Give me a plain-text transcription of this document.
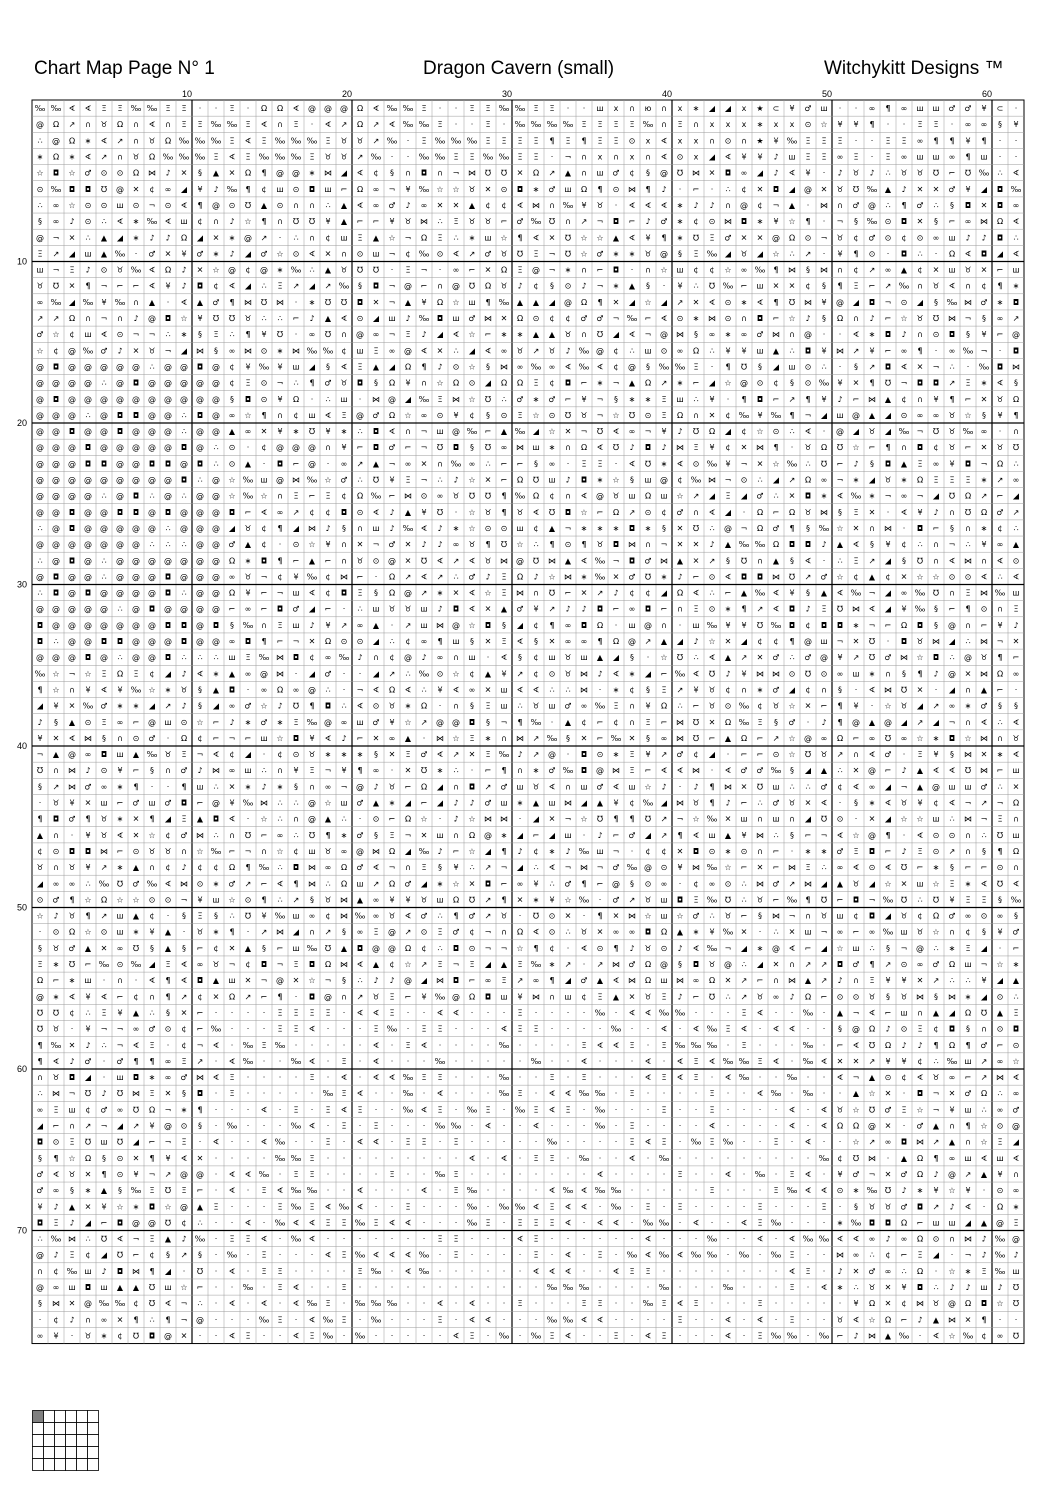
Chart Map Page N° 1	Dragon Cavern (small)	Witchykitt Designs ™
10	20	30	40	50	60
10
20
30
40
50
60
70
‰ ‰ ∢ ∢ Ξ Ξ ‰ ‰ Ξ Ξ · · Ξ · Ω Ω ∢ @ @ @ Ω ∢ ‰ ‰ Ξ · · Ξ Ξ ‰ ‰ Ξ Ξ · · ш х ∩ ю ∩ х ∗ ◢ ◢ х ★ ⊂ ¥ ♂ ш · · ∞ ¶ ∞ ш ш ♂ ♂ ¥ ⊂ ·
@ Ω ↗ ∩ ♉ Ω ∩ ∢ ∩ Ξ Ξ ‰ ‰ Ξ ∢ ∩ Ξ · ∢ ↗ Ω ↗ ∢ ‰ ‰ Ξ · · Ξ · ‰ ‰ ‰ ‰ Ξ Ξ Ξ Ξ ‰ ∩ Ξ ∩ х х х ∗ х х ⊙ ☆ ¥ ¥ ¶ · · Ξ Ξ · ∞ ∞ § ¥
∴ @ Ω ∗ ∢ ↗ ∩ ♉ Ω ‰ ‰ ‰ Ξ ∢ Ξ ‰ ‰ ‰ Ξ ♉ ♉ ↗ ‰ · Ξ ‰ ‰ ‰ Ξ Ξ Ξ Ξ ¶ Ξ ¶ Ξ Ξ ⊙ х ∢ х х ∩ ⊙ ∩ ★ ¥ ‰ Ξ Ξ Ξ · · Ξ Ξ ∞ ¶ ¶ ¥ ¶ · ·
∗ Ω ∗ ∢ ↗ ∩ ♉ Ω ‰ ‰ ‰ Ξ ∢ Ξ ‰ ‰ ‰ Ξ ♉ ♉ ↗ ‰ · · ‰ ‰ Ξ Ξ ‰ ‰ Ξ Ξ · ¬ ∩ х ∩ х ∩ ∢ ⊙ х ◢ ∢ ¥ ¥ ♪ ш Ξ Ξ ∞ Ξ · Ξ ∞ ш ш ∞ ¶ ш · ·
☆ ◘ ☆ ♂ ⊙ ⊙ Ω ⋈ ♪ ✕ § ▲ ✕ Ω ¶ @ @ ∗ ⋈ ◢ ∢ ¢ § ∩ ◘ ∩ ¬ ⋈ ℧ ℧ ✕ Ω ↗ ▲ ∩ ш ♂ ¢ § @ ℧ ⋈ ✕ ◘ ∞ ◢ ♪ ∢ ¥ · ♪ ♉ ♪ ∴ ♉ ♉ ℧ ⌐ ℧ ‰ ∴ ∢
⊙ ‰ ◘ ◘ ℧ @ ✕ ¢ ∞ ◢ ¥ ♪ ‰ ¶ ¢ ш ⊙ ◘ ш ⌐ Ω ∞ ¬ ¥ ‰ ☆ ☆ ♉ ✕ ⊙ ◘ ∗ ♂ ш Ω ¶ ⊙ ⋈ ¶ ♪ · ⌐ · ∴ ¢ ✕ ◘ ◢ @ ✕ ♉ ℧ ‰ ▲ ♪ ✕ ✕ ♂ ¥ ◢ ◘ ‰
∴ ∞ ☆ ⊙ ⊙ ш ⊙ ¬ ⊙ ∢ ¶ @ ⊙ ℧ ▲ ⊙ ∩ ∩ ∴ ▲ ∢ ∞ ♂ ♪ ∞ ✕ ✕ ▲ ¢ ¢ ∢ ⋈ ∩ ‰ ¥ ♉ · ∢ ∢ ∢ ∗ ♪ ♪ ∩ @ ¢ ¬ ▲ · ⋈ ∩ ♂ @ ∴ ¶ ♂ ∴ § ◘ ✕ ◘ ∞
§ ∞ ♪ ⊙ ∴ ∢ ∗ ‰ ∢ ш ¢ ∩ ♪ ☆ ¶ ∩ ℧ ℧ ¥ ▲ ⌐ ⌐ ¥ ♉ ⋈ ∴ Ξ ♉ ♉ ⌐ ♂ ‰ ℧ ∩ ↗ ¬ ◘ ⌐ ♪ ♂ ∗ ¢ ⊙ ⋈ ◘ ∗ ¥ ☆ ¶ · ¬ § ‰ ⊙ ◘ ✕ § ⌐ ∞ ⋈ Ω ∢
@ ¬ ✕ ∴ ▲ ◢ ∗ ♪ ♪ Ω ◢ ✕ ∗ @ ↗ · ∴ ∩ ¢ ш Ξ ▲ ☆ ¬ Ω Ξ ∴ ∗ ш ☆ ¶ ∢ ✕ ℧ ☆ ☆ ▲ ∢ ¥ ¶ ∗ ℧ Ξ ♂ ✕ ✕ @ Ω ⊙ ¬ ♉ ¢ ♂ ⊙ ¢ ⊙ ∞ ш ♪ ♪ ◘ ∴
Ξ ↗ ◢ ш ▲ ‰ · ♂ ✕ ¥ ♂ ∗ ♪ ◢ ♂ ☆ ⊙ ∢ ✕ ∩ ⊙ ш ¬ ¢ ‰ ⊙ ∢ ↗ ♂ ♉ ℧ Ξ ¬ ℧ ☆ ♂ ∗ ∗ ♉ @ § Ξ ‰ ◢ ♉ ◢ ☆ ∴ ↗ · ¥ ¶ ⊙ · ◘ ∴ · Ω ∢ ◘ ◢ ∢
ш ¬ Ξ ♪ ⊙ ♉ ‰ ∢ Ω ♪ ✕ ☆ @ ¢ @ ∗ ‰ ∴ ▲ ♉ ℧ ℧ · Ξ ¬ · ∞ ⌐ ✕ Ω Ξ @ ¬ ∗ ∩ ⌐ ◘ · ∩ ☆ ш ¢ ¢ ☆ ∞ ‰ ¶ ⋈ § ⋈ ∩ ¢ ↗ ∞ ▲ ¢ ✕ ш ♉ ✕ ⌐ ш
♉ ℧ ✕ ¶ ¬ ⌐ ⌐ ∢ ¥ ♪ ◘ ¢ ∢ ◢ ∴ Ξ ↗ ◢ ↗ ‰ § ◘ ¬ @ ⌐ ∩ @ ℧ Ω ♉ ♪ ¢ § ⊙ ♪ ¬ ∗ ▲ § · ¥ ∴ ℧ ‰ ⌐ ш ✕ ✕ ¢ § ¶ Ξ ⌐ ↗ ‰ ∩ ♉ ∢ ∩ ¢ ¶ ∗
∞ ‰ ◢ ‰ ¥ ‰ ∩ ▲ · ∢ ▲ ♂ ¶ ⋈ ℧ ⋈ · ∗ ℧ ℧ ◘ ✕ ¬ ▲ ¥ Ω ☆ ш ¶ ‰ ▲ ▲ ◢ @ Ω ¶ ✕ ◢ ☆ ◢ ↗ ✕ ∢ ⊙ ∗ ∢ ¶ ℧ ⋈ ¥ @ ◢ ◘ ¬ ⊙ ◢ § ‰ ⋈ ♂ ∗ ◘
↗ ↗ Ω ∩ ¬ ∩ ♪ @ ◘ ☆ ¥ ℧ ℧ ♉ ∴ ∴ ⌐ ♪ ▲ ∢ ⊙ ◢ ш ♪ ‰ ◘ ш ♂ ⋈ ✕ Ω ⊙ ¢ ¢ ♂ ♂ ¬ ‰ ⌐ ∢ ⊙ ∗ ⋈ ⊙ ∩ ◘ ⌐ ☆ ♪ § Ω ∩ ♪ ⌐ ☆ ♉ ℧ ⋈ ¬ § ∞ ↗
♂ ☆ ¢ ш ∢ ⊙ ¬ ¬ ∴ ∗ § Ξ ∴ ¶ ¥ ℧ · ∞ ℧ ∩ @ ∞ ¬ Ξ ♪ ◢ ∢ ☆ ⌐ ∗ ∗ ▲ ▲ ♉ ∩ ℧ ◢ ∢ ¬ @ ⋈ § ∞ ∗ ∞ ♂ ⋈ ∩ @ · · ∢ ∗ ◘ ♪ ∩ ⊙ ◘ § ¥ ⌐ @
☆ ¢ @ ‰ ♂ ♪ ✕ ♉ ¬ ◢ ⋈ § ∞ ⋈ ⊙ ∗ ⋈ ‰ ‰ ¢ ш Ξ ∞ @ ∢ ✕ ∴ ◢ ∢ ∞ ♉ ↗ ♉ ♪ ‰ @ ¢ ∴ ш ⊙ ∞ Ω ∴ ¥ ¥ ш ▲ ∴ ◘ ¥ ⋈ ↗ ¥ ⌐ ∞ ¶ · ∞ ‰ ¬ · ◘
@ ◘ @ @ @ @ @ ∴ @ @ ◘ @ ¢ ¥ ‰ ¥ ш ◢ § ∢ Ξ ▲ ◢ Ω ¶ ♪ ⊙ ☆ § ⋈ ∞ ‰ ∞ ∢ ‰ ∢ ¢ @ § ‰ ‰ Ξ · ¶ ℧ § ◢ ш ⊙ ∴ · § ↗ ◘ ∢ ✕ ¬ ∴ · ‰ ◘ ⋈
@ @ @ @ ∴ @ ◘ @ @ @ @ @ ¢ Ξ ⊙ ¬ ∴ ¶ ♂ ♉ ◘ § Ω ¥ ∩ ☆ Ω ⊙ ◢ Ω Ω Ξ ¢ ◘ ⌐ ∗ ¬ ▲ Ω ↗ ∗ ⌐ ◢ ☆ @ ⊙ ¢ § ⊙ ‰ ¥ ✕ ¶ ℧ ¬ ◘ ◘ ↗ Ξ ∗ ∢ §
@ ◘ @ @ @ @ @ @ @ @ @ @ § ◘ ⊙ ¥ Ω · ∴ ш · ⋈ @ ◢ ‰ Ξ ⋈ ☆ ℧ ∴ ♂ ∗ ♂ ⌐ ¥ ¬ § ∗ ∗ Ξ ш ∴ ¥ · ¶ ◘ ⌐ ↗ ¶ ¥ ♪ ⌐ ⋈ ▲ ¢ ∩ ¥ ¶ ⌐ ✕ ♉ Ω
@ @ @ ∴ @ ◘ ◘ @ @ ∴ ◘ @ ∞ ☆ ¶ ∩ ¢ ш ∢ Ξ @ ♂ Ω ☆ ∞ ⊙ ¥ ¢ § ⊙ Ξ ☆ ⊙ ℧ ♉ ¬ ☆ ℧ ⊙ Ξ Ω ∩ ✕ ¢ ‰ ¥ ‰ ¶ ¬ ◢ ш @ ▲ ◢ ⊙ ∞ ∞ ♉ ☆ § ¥ ¶
@ @ ◘ @ @ ◘ @ @ @ ∴ @ @ ▲ ∞ ✕ ¥ ∗ ℧ ¥ ∗ ∴ ◘ ∢ ∩ ¬ ш @ ‰ ⌐ ▲ ‰ ◢ ☆ ✕ ¬ ℧ ∢ ∞ ¬ ¥ ♪ ℧ Ω ◢ ¢ ☆ ⊙ ∴ ∢ · @ ◢ ♉ ◢ ‰ ¬ ℧ ♉ ‰ ∞ · ∩
@ @ @ ◘ @ @ @ @ @ ◘ @ ∴ ⊙ · ¢ @ @ @ ∩ ¥ ⌐ ◘ ♂ ⌐ ¬ ℧ ◘ § ℧ ∞ ⋈ ш ∗ ∩ Ω ∢ ℧ ♪ ◘ ♪ ⋈ Ξ ¥ ¢ ✕ ⋈ ¶ · ♉ Ω ℧ ☆ ⌐ ¶ ∩ ◘ ¢ ♉ ⌐ ✕ ♉ ℧
@ @ @ ◘ ◘ @ @ ◘ ◘ @ ◘ ∴ ⊙ ▲ · ◘ ⌐ @ · ∞ ↗ ▲ ¬ ∞ ✕ ∩ ‰ ∞ ∴ ⌐ ⌐ § ∞ · Ξ Ξ · ∢ ℧ ∗ ∢ ⊙ ‰ ¥ ¬ ✕ ☆ ‰ ∴ ℧ ⌐ ♪ § ◘ ▲ Ξ ∞ ¥ ◘ ¬ Ω ∴
@ @ @ @ @ @ @ @ @ ◘ ∴ @ ☆ ‰ ш @ ⋈ ‰ ☆ ♂ ∴ ℧ ¥ Ξ ¬ ∴ ♪ ☆ ✕ ⌐ Ω ℧ ш ♪ ◘ ∗ ☆ § ш @ ¢ ‰ ⋈ ¬ ⊙ ∴ ◢ ↗ Ω ∞ ¬ ∗ ◢ ♉ ∗ Ω Ξ Ξ Ξ ∗ ↗ ∞
@ @ @ @ ∴ @ ◘ ∴ @ ∴ @ @ ☆ ‰ ☆ ∩ Ξ ⌐ Ξ ¢ Ω ‰ ⌐ ⋈ ⊙ ∞ ♉ ℧ ℧ ¶ ‰ Ω ¢ ∩ ∢ @ ♉ ш Ω ш ☆ ↗ ◢ Ξ ◢ ♂ ∴ ✕ ◘ ∗ ∢ ‰ ∗ ¬ ∞ ¬ ◢ ℧ Ω ↗ ⌐ ◢
@ @ ◘ @ @ ◘ ◘ @ ◘ @ @ @ ◘ ⌐ ∢ ∞ ↗ ¢ ¢ ◘ ⊙ ∢ ♪ ▲ ¥ ℧ · ☆ ♉ ¶ ♉ ∢ ℧ ◘ ☆ ⌐ Ω ↗ ⊙ ¢ ♂ ∩ ∢ ◢ · Ω ⌐ Ω ♉ ⋈ § Ξ ✕ · ∢ ¥ ♪ ∩ ℧ Ω ♂ ↗
∴ @ ◘ @ @ @ @ @ ∴ @ @ @ ◢ ♉ ¢ ¶ ◢ ⋈ ♪ § ∩ ш ♪ ‰ ∢ ♪ ∗ ☆ ⊙ ⊙ ш ¢ ▲ ¬ ∗ ∗ ∗ ◘ ∗ § ✕ ℧ ∴ @ ¬ Ω ♂ ¶ § ‰ ☆ ✕ ∩ ⋈ · ◘ ⌐ § ∩ ∗ ¢ ∴
@ @ @ @ @ @ @ ∴ ∴ ∴ @ @ ♂ ▲ ¢ · ⊙ ☆ ¥ ∩ ✕ ¬ ♂ ✕ ♪ ♪ ∞ ♉ ¶ ℧ ☆ ∴ ¶ ⊙ ¶ ♉ ◘ ⋈ ∩ ¬ ✕ ✕ ♪ ▲ ‰ ‰ Ω ◘ ◘ ♪ ▲ ∢ § ¥ ¢ ∴ ∩ ¬ ∴ ¥ ∞ ▲
∴ @ ◘ @ ∴ @ @ @ @ @ @ @ Ω ∗ ◘ ¶ ⌐ ▲ ⌐ ∩ ♉ ⊙ @ ✕ ℧ ∢ ↗ ∢ ♉ ⋈ @ ℧ ⋈ ▲ ∢ ‰ ¬ ◘ ♂ ⋈ ▲ ✕ ↗ § ℧ ∩ ▲ § ∢ · ∴ Ξ ↗ ◢ § ℧ ∩ ∢ ⋈ ∩ ∢ ⊙
@ ◘ @ @ ∴ @ @ @ ◘ @ @ @ ∞ ♉ ¬ ¢ ¥ ‰ ¢ ⋈ ⌐ · Ω ↗ ∢ ↗ ∴ ♂ ♪ Ξ Ω ♪ ☆ ⋈ ∗ ‰ ✕ ♂ ℧ ∗ ♪ ⌐ ⊙ ∢ ◘ ◘ ⋈ ℧ ↗ ♂ ☆ ¢ ▲ ¢ ✕ ☆ ☆ ⊙ ⊙ ∢ ∴ ∢
∴ ◘ @ ◘ @ @ @ @ ◘ ∴ @ @ Ω ¥ ⌐ ¬ ш ∢ ¢ ◘ Ξ § Ω @ ↗ ∗ ✕ ∢ ☆ Ξ ⋈ ∩ ℧ ⌐ ✕ ↗ ♪ ¢ ¢ ◢ Ω ∢ ∴ ⌐ ▲ ‰ ∢ ¥ § ▲ ∢ ‰ ¬ ◢ ∞ ‰ ℧ ∩ Ξ ⋈ ‰ ш
@ @ @ @ @ ∴ @ ◘ @ @ @ @ ⌐ ∞ ⌐ ◘ ♂ ◢ ⌐ · ∴ ш ♉ ♉ ш ♪ ◘ ∢ ✕ ▲ ♂ ¥ ↗ ♪ ♪ ◘ ⌐ ∞ ◘ ⌐ ∩ Ξ ⊙ ∗ ¶ ↗ ∢ ◘ ♪ Ξ ℧ ⋈ ∢ ◢ ¥ ‰ § ⌐ ¶ ⊙ ∩ Ξ
◘ @ @ @ @ @ @ @ ◘ ◘ @ ◘ § ‰ ∩ Ξ ш ♪ ¥ ↗ ∞ ▲ · ↗ ш ⋈ @ ☆ ◘ § ◢ ¢ ¶ ∞ ◘ Ω · ш @ ∩ · ш ‰ ¥ ¥ ℧ ‰ ◘ ¢ ◘ ◘ ∗ ¬ ⌐ Ω ◘ § @ ∩ ⌐ ¥ ♪
◘ ∴ @ @ ◘ ◘ @ @ @ ◘ @ @ ∞ ◘ ¶ ⌐ ¬ ✕ Ω ⊙ ⊙ ◢ ∴ ¢ ∞ ¶ ш § ✕ Ξ ∢ § ✕ ∞ ∞ ¶ Ω @ ↗ ▲ ◢ ♪ ☆ ✕ ◢ ¢ ¢ ¶ @ ш ¬ ✕ ℧ · ◘ ♉ ⋈ ◢ ∴ ⋈ ¬ ✕
@ @ @ ◘ @ ∴ @ @ ◘ ∴ ∴ ∴ ш Ξ ‰ ⋈ ◘ ¢ ∞ ‰ ♪ ∩ ¢ @ ♪ ∞ ∩ ш · ∢ § ¢ ш ♉ ш ▲ ◢ § · ☆ ℧ ∴ ∢ ▲ ↗ ✕ ♂ ∴ ♂ @ ¥ ↗ ℧ ♂ ⋈ ☆ ◘ ∴ @ ♉ ¶ ⌐
‰ ☆ ¬ ☆ Ξ Ω Ξ ¢ ◢ ♪ ∢ ∗ ▲ ∞ @ ⋈ · ◢ ♂ · · ◢ ↗ ∴ ‰ ⊙ ☆ ¢ ▲ ¥ ↗ ¢ ⊙ ♉ ⋈ ♪ ∢ ∗ ◢ ⌐ ‰ ∢ ℧ ♪ ¥ ⋈ ⋈ ⊙ ℧ ⊙ ∞ ш ∗ ∩ § ¶ ♪ @ ✕ ⋈ Ω ∞
¶ ☆ ∩ ¥ ∢ ¥ ‰ ☆ ∗ ♉ § ▲ ◘ · ∞ Ω ∞ @ ∴ · ¬ ∢ Ω ∢ ∴ ¥ ∢ ∞ ✕ ш ∢ ∢ ∴ ∴ ⋈ · ∗ ¢ § Ξ ↗ ¥ ♉ ¢ ∩ ∗ ♂ ◢ ¢ ∩ § · ∢ ⋈ ℧ ✕ · ◢ ∩ ▲ ⌐ ·
◢ ¥ ✕ ‰ ♂ ∗ ∗ ◢ ↗ ♪ § ◢ ∞ ♂ ☆ ♪ ℧ ¶ ◘ ∴ ∢ ⊙ ♉ ∗ Ω · ∩ § Ξ ш ∴ ♉ ш ♂ ∞ ‰ Ξ ∩ ¥ Ω ∴ ⌐ ♉ ⊙ ‰ ¢ ♉ ☆ ✕ ⌐ ¶ ¥ · ☆ ♉ ◢ ↗ ∞ ∗ ♂ § §
♪ § ▲ ⊙ Ξ ∞ ⌐ @ ш ⊙ ☆ ⌐ ♪ ∗ ♂ ∗ Ξ ‰ @ ∞ ш ♂ ¥ ☆ ↗ @ @ ◘ § ¬ ¶ ‰ · ▲ ¢ ⌐ ¢ ∩ Ξ ⌐ ⋈ ℧ ✕ Ω ‰ Ξ § ♂ · ♪ ¶ @ ▲ @ ◢ ↗ ◢ ¬ ∩ ∢ ∴ ∢
¥ ✕ ∢ ⋈ § ∩ ⊙ ♂ · Ω ¢ ⌐ ¬ ⌐ ш ☆ ◘ ¥ ∢ ♪ ⌐ ✕ ∞ ▲ · ⋈ ☆ Ξ ∗ ∩ ⋈ ↗ ‰ § ✕ ⌐ ‰ ✕ § ∞ ⋈ ℧ ⌐ ▲ Ω ⌐ ↗ ☆ @ ∞ Ω ⌐ ∞ ℧ ∞ ☆ ∗ ◘ ☆ ⋈ ∩ ♉
¬ ▲ @ ∞ ◘ ш ▲ ‰ ♉ Ξ ¬ ∢ ¢ ◢ · ¢ ⊙ ♉ ∗ ∗ ∗ § ✕ Ξ ♂ ∢ ↗ ✕ Ξ ‰ ♪ ↗ @ · ◘ ⊙ ∗ Ξ ¥ ↗ ♂ ¢ ◢ · ⌐ ⌐ ⊙ ☆ ℧ ♉ ↗ ∩ ∢ ♂ · Ξ ¥ § ⋈ ✕ ∗ ∢
℧ ∩ ⋈ ♪ ⊙ ¥ ⌐ § ∩ ♂ ♪ ⋈ ∞ ш ∴ ∩ ¥ Ξ ¬ ¥ ¶ ∞ · ✕ ℧ ∗ ∴ · ⌐ ¶ ∩ ∗ ♂ ‰ ◘ @ ⋈ Ξ ⌐ ∢ ∢ ⋈ · ∢ ♂ ♂ ‰ § ◢ ▲ ∴ ✕ @ ⌐ ♪ ▲ ∢ ∢ ℧ ⋈ ⌐ ш
§ ↗ ⋈ ♂ ∞ ∗ ¶ · · ¶ ш ∴ ✕ ∗ ♪ ∗ § ∩ ∞ ¬ @ ♪ ♉ ⌐ Ω ◢ ∩ ◘ ↗ ♂ ш ♉ ∢ ∩ ш ♂ ∢ ш ☆ ♪ · ♪ ¶ ⋈ ✕ ℧ ш ∴ ∴ ♂ ¢ ∢ ∞ ◢ ¬ ▲ @ ш ш ♂ ∴ ✕
· ♉ ¥ ✕ ш ⌐ ♂ ш ♂ ◘ ⌐ @ ¥ ‰ ⋈ ∴ ∴ @ ☆ ш ♂ ▲ ∗ ◢ ⌐ ◢ ♪ ♪ ♂ ш ∗ ▲ ш ⋈ ◢ ▲ ¥ ¢ ‰ ◢ ⋈ ♉ ¶ ♪ ⌐ ∴ ♂ ♉ ✕ ∢ · § ∗ ∢ ♉ ¥ ¢ ∢ ¬ ↗ ¬ Ω
¶ ◘ ♂ ¶ ♉ ∗ ✕ ¶ ◢ Ξ ▲ ◘ ∢ · ☆ ∴ ∩ @ ▲ ∴ · ⊙ ⌐ Ω ☆ · ♪ ☆ ⋈ ⋈ · ◢ ✕ ¬ ☆ ℧ ¶ ¶ ℧ ↗ ¬ ☆ ‰ ✕ ш ∩ ш ∩ ◢ ℧ ⊙ · ✕ ◢ ☆ ☆ ш ∴ ⋈ ¬ Ξ ∩
▲ ∩ · ¥ ♉ ∢ ✕ ☆ ¢ ♂ ⋈ ∴ ∩ ℧ ⌐ ∞ ∴ ℧ ¶ ∗ ♂ § Ξ ¬ ✕ ш ∩ Ω @ ∗ ◢ ⌐ ◢ ш · ♪ ⌐ ♂ ◢ ↗ ¶ ∢ ш ▲ ¥ ⋈ ∴ § ⌐ ¬ ∢ ☆ @ ¶ · ∢ ⊙ ⊙ ∩ ∴ ℧ ш
¢ ⊙ ◘ ◘ ⋈ ⌐ ⊙ ♉ ♉ ∩ ☆ ‰ ⌐ ¬ ∩ ☆ ¢ ш ♉ ∞ @ ⋈ Ω ◢ ‰ ♪ ⌐ ☆ ◢ ¶ ♪ ¢ ∗ ♪ ‰ ш ¬ · ¢ ¢ ✕ ◘ ⊙ ∗ ⊙ ∩ ⌐ · ∗ ∗ ♂ Ξ ◘ ⌐ ♪ Ξ ⊙ ↗ ∩ § ¶ Ω
♉ ∩ ♉ ¥ ↗ ∗ ▲ ∩ ¢ ♪ ¢ ¢ Ω ¶ ‰ ∴ ◘ ⋈ ∞ Ω ♂ ∢ ¬ ∩ Ξ § ¥ ∴ ↗ ¬ ◢ ∴ ∢ ¬ ⋈ ¬ ♂ ‰ @ ⊙ ¥ ⋈ ‰ ☆ ⌐ ✕ ⌐ ⋈ Ξ ∴ ∞ ∢ ⊙ ∢ ℧ ⌐ ∗ § ⌐ ⌐ ⊙ ∩
◢ ∞ ∞ ∴ ‰ ℧ ♂ ‰ ∢ ⋈ ⊙ ∗ ♂ ↗ ⌐ ∢ ¶ ⋈ ∴ Ω ш ↗ Ω ♂ ◢ ∗ ☆ ✕ ◘ ⌐ ∞ ¥ ∴ ♂ ¶ ⌐ @ § ⊙ ∞ · ¢ ∞ ⊙ ∴ ⋈ ♂ ↗ ⋈ ◢ ▲ ♉ ◢ ☆ ✕ ш ☆ Ξ ∗ ∢ ℧ ∢
⊙ ♂ ¶ ☆ Ω ☆ ☆ ⊙ ⊙ ¬ ¥ ш ☆ ⊙ ¶ ∴ ↗ § ♉ ⋈ ▲ ∞ ¥ ¥ ♉ ш Ω ℧ ↗ ¶ ✕ ∗ ¥ ☆ ‰ · ♂ ↗ ♉ ш ◘ Ξ ‰ ℧ ∴ ♉ ⌐ ‰ ¶ ℧ ⌐ ◘ ¬ ‰ ℧ ∴ ℧ ¥ Ξ Ξ § ‰
☆ ♪ ♉ ¶ ↗ ш ▲ ¢ · § Ξ § ∴ ℧ ¥ ‰ ш ∞ ¢ ⋈ ‰ ∞ ♉ ∢ ♂ ∴ ¶ ♂ ↗ ♉ · ℧ ⊙ ✕ · ¶ ✕ ⋈ ☆ ш ☆ ♂ ∴ ♉ ⌐ § ⋈ ¬ ∩ ♉ ш ¢ ◘ ◢ ♉ ¢ Ω ♂ ∞ ⊙ ∞ §
· ⊙ Ω ☆ ⊙ ш ∗ ¥ ▲ · ♉ ∗ ¶ · ↗ ⋈ ◢ ∩ ↗ § ∞ Ξ @ ↗ ⊙ Ξ ♂ ¢ ¬ ∩ Ω ∢ ⊙ ∴ ♉ ✕ ∞ ∞ ◘ Ω ▲ ∗ ¥ ‰ ✕ · ∴ ✕ ш ¬ ∞ ⌐ ∞ ‰ ш ♉ ☆ ∩ ¢ § ¥ ♂
§ ♉ ♂ ▲ ✕ ∞ ℧ § ▲ § ⌐ ¢ ✕ ▲ § ⌐ ш ‰ ℧ ▲ ◘ @ @ Ω ¢ ∴ ◘ ⊙ ¬ ¬ ☆ ¶ ¢ · ∢ ⊙ ¶ ♪ ♉ ⊙ ♪ ∢ ‰ ¬ ◢ ∗ @ ∢ ⌐ ◢ ☆ ш ∴ § ¬ @ ∴ ∗ Ξ ◢ · ⌐
Ξ ∗ ℧ ⌐ ‰ ⊙ ‰ ◢ Ξ ∢ ∞ ♉ ¬ ¢ ◘ ¬ Ξ ◘ Ω ⋈ ∢ ▲ ¢ ☆ ↗ Ξ ¬ Ξ ◢ ▲ Ξ ‰ ∗ ↗ · ↗ ⋈ ♂ Ω @ § ◘ ♉ @ ∴ ◢ ✕ ∩ ↗ ↗ ◘ ♂ ¶ ↗ ⊙ ∞ ♂ Ω ш ¬ ☆ ∗
Ω ⌐ ∗ ш · ∩ · ∢ ¶ ∢ ◘ ▲ ш ✕ ¬ @ ✕ ☆ ¬ § ∴ ♪ ♪ @ ◢ ⋈ ◘ ⌐ ∞ Ξ ↗ ∞ ¶ ◢ ♂ ▲ ∢ ⋈ Ω ш ⋈ ∞ Ω ✕ ↗ ⌐ ∩ ⋈ ▲ ↗ ♪ ∩ Ξ ¥ ¥ ✕ ↗ ∴ ∴ ¥ ◢ ▲
@ ∗ ∢ ¥ ∢ ⌐ ¢ ∩ ¶ ↗ ¢ ✕ Ω ↗ ⌐ ¶ · ◘ @ ∩ ↗ ♉ Ξ ⌐ ¥ ‰ @ Ω ◘ ш ¥ ⋈ ∩ ш ¢ Ξ ▲ ✕ ♉ Ξ ♪ ⌐ ℧ ∴ ↗ ♉ ∞ ♪ Ω ⌐ ⊙ ⊙ ♉ § ♉ ⋈ § ⋈ ∗ ◢ ⊙ ∴
℧ ℧ ¢ ∴ Ξ ¥ ▲ ∴ § ✕ ⌐ · · · · Ξ Ξ Ξ Ξ · ∢ ∢ Ξ · · ∢ ∢ · · · Ξ · · · · ‰ · ∢ ∢ ‰ ‰ · · · Ξ ∢ · · ‰ · ▲ ¬ ∢ ⌐ ш ∩ ▲ ◢ Ω ℧ ▲ Ξ
℧ ♉ · ¥ ¬ ¬ ∞ ♂ ⊙ ¢ ⌐ ‰ · · · Ξ Ξ ∢ · · · Ξ ‰ · Ξ Ξ · · · ∢ Ξ Ξ · · · · ‰ · · ∢ · ∢ ‰ Ξ ∢ · ∢ ∢ · · § @ Ω ♪ ⊙ Ξ ¢ ◘ § ∩ ⊙ ◘
¶ ‰ ✕ ♪ ∴ ¬ ∢ Ξ · ¢ ¬ ∢ · ‰ Ξ ‰ · · · · · ∢ · Ξ ∢ · · · · ‰ · · · · Ξ ∢ ∢ Ξ · Ξ ‰ ‰ ‰ · Ξ · · · ‰ · ⌐ ∢ ℧ Ω ♪ ♪ ¶ Ω ¶ ♂ ⌐ ⊙
¶ ∢ ♪ ♂ · ♂ ¶ ¶ ∞ Ξ ↗ · ∢ ‰ · · ‰ ∢ · Ξ · ∢ · · · ‰ · · · · · ‰ · · ∢ · · · ∢ · ∢ Ξ ∢ ‰ ‰ Ξ ∢ · ‰ ∢ ✕ ✕ ↗ ¥ ¥ ¢ ∴ ‰ ш ↗ ∞ ☆
∩ ♉ ◘ ◢ · ш ◘ ∗ ∞ ♂ ⋈ ∢ Ξ · · · · Ξ · ∢ · ∢ ∢ ‰ Ξ Ξ · · · ‰ · · Ξ · Ξ · · · ∢ Ξ ∢ Ξ · ∢ ‰ · · ‰ · · ∢ ¬ ▲ ⊙ ¢ ∢ ♉ ∞ ⌐ ↗ ⋈ ∢
∴ ⋈ ¬ ℧ ♪ ℧ ⋈ Ξ ✕ § ◘ · Ξ · · · · · ‰ Ξ ∢ · · ‰ · ∢ · · · ‰ Ξ · ∢ ∢ ‰ ‰ · Ξ · · · · Ξ · · ∢ ‰ · ‰ · · ▲ ☆ ✕ · ◘ ¬ ✕ ♂ Ω ∴ ∞
∞ Ξ ш ¢ ♂ ∞ ℧ Ω ¬ ∗ ¶ · · · ∢ · Ξ · Ξ ∢ Ξ · · ‰ ∢ Ξ · ‰ Ξ · ‰ Ξ ∢ Ξ · ‰ · · · Ξ · · Ξ · · · · ∢ · ∢ ♉ ☆ ℧ ♂ Ξ ☆ ¬ ¥ ш ∴ ∞ ♂
◢ ⌐ ∩ ↗ ¬ ◢ ↗ ¥ @ ⊙ § · ‰ · · · ‰ ∢ · Ξ · Ξ · · · ‰ ‰ · ∢ · · ∢ · · · ‰ · Ξ · · · · ∢ · · · · ∢ · ∢ Ω Ω @ ✕ · ♂ ▲ ∩ ¶ ☆ ⊙ @
◘ ⊙ Ξ ℧ ш ℧ ◢ ⌐ ¬ Ξ · ∢ · · ∢ ‰ · · Ξ · ∢ ∢ · Ξ Ξ · Ξ · · · · · ‰ · · · · Ξ ∢ Ξ · ‰ Ξ ‰ · · Ξ · ∢ · · ☆ ↗ ∞ ◘ ⋈ ↗ ▲ ∩ ☆ Ξ ◢
§ ¶ ☆ Ω § ⊙ ✕ ¶ ¥ ∢ ✕ · · · · ‰ ‰ Ξ · · · · · · · · · ∢ · ∢ · Ξ Ξ · ‰ · · ∢ · ‰ · · · · · · · · · ‰ ¢ ℧ ⋈ · ▲ Ω ¶ ∞ ш ∢ ш ∢
♂ ∢ ♉ ✕ ¶ ⊙ ¥ ¬ ↗ @ @ · ∢ ∢ ‰ · Ξ Ξ · · · · Ξ · · ‰ Ξ · · · · · · · · ∢ · · · · Ξ · · ∢ · ‰ · Ξ ∢ · ¥ ♂ ¬ ✕ ♂ Ω ♪ @ ↗ ▲ ¥ ∩
♂ ∞ § ∗ ▲ § ‰ Ξ ℧ Ξ ⌐ · ∢ · Ξ ∢ ‰ ‰ · · ∢ · · · ∢ · Ξ ‰ · · · · ∢ ‰ ∢ ‰ ‰ · · · · · Ξ · · · Ξ ‰ ∢ ∢ ⊙ ∗ ‰ ℧ ♪ ∗ ¥ ☆ ¥ · ⊙ ∞
¥ ♪ ▲ ✕ ¥ ☆ ∗ ◘ ☆ @ ▲ Ξ · · · Ξ ‰ Ξ ∢ ‰ ∢ · · Ξ · · · ‰ · ‰ ‰ ∢ Ξ ∢ ∢ · ‰ · Ξ · Ξ · · · · Ξ · · · Ξ · § ♉ ♉ ♂ ◘ ↗ ♪ ∢ · Ω ∗
◘ Ξ ♪ ◢ ⌐ ◘ @ @ ℧ ¢ ∴ · · ∢ · ‰ ∢ ∢ Ξ Ξ ‰ Ξ ∢ ∢ · · · ‰ Ξ · Ξ Ξ Ξ ∢ · ∢ ∢ · ‰ ‰ · ∢ · · ∢ Ξ ‰ · · · ∗ ‰ ◘ ◘ Ω ⌐ ш ш ◢ ▲ @ Ξ
∴ ‰ ⋈ ∴ ℧ ∢ ¬ Ξ ▲ ♪ ‰ · Ξ Ξ ∢ · ‰ ∢ · · · · · · · Ξ Ξ · · · ∢ Ξ · · · · · · ∢ · · · ‰ · · ∢ · ∢ ‰ ‰ ∢ ∢ ∞ ♪ ∞ Ω ⊙ ∩ ⋈ ♪ ‰ @
@ ♪ Ξ ¢ ◢ ℧ ⌐ ¢ § ↗ § · ‰ · Ξ · · · ∢ Ξ ‰ ∢ ∢ ∢ ‰ · Ξ · · · · Ξ · ∢ · Ξ · ‰ ∢ ‰ ∢ ‰ ‰ · ‰ · ‰ Ξ · · ⋈ ∞ ∴ ¢ ⌐ Ξ ◢ · ¬ ♪ ‰ ♪
∩ ¢ ‰ ш ♪ ◘ ⋈ ¶ ◢ · ℧ · ∢ · Ξ Ξ · · · · Ξ ‰ · ∢ ‰ · · · · · · ∢ ∢ ∢ · · ∢ Ξ Ξ · · · · · · · · ∢ Ξ · ♪ ✕ ♂ ∞ ∴ Ω · ☆ ∗ Ξ ‰ ш
@ ∞ ш ◘ ш ▲ ▲ ℧ ш ☆ ⌐ · · ‰ · Ξ ∢ · · Ξ · · · · · · · · · · · · ‰ ‰ ‰ · · · · ‰ · · · ‰ · · · Ξ · ∢ ∗ ∴ ♉ ✕ ¥ ◘ ∴ ♪ ♪ ш ♪ ℧
§ ⋈ ✕ @ ‰ ‰ ¢ ℧ ∢ ¬ ∴ · ∢ · ∢ · ∢ ‰ Ξ · ‰ ‰ ‰ · · ∢ · ∢ · · Ξ · · · Ξ Ξ · · ‰ Ξ ∢ Ξ · · · Ξ · · · · · ¥ Ω ✕ ¢ ⋈ ♉ @ Ω ◘ ☆ ℧
· ¢ ♪ ∩ ∞ ✕ ¶ ∴ ¶ ¬ @ · · · ‰ Ξ · ∢ ‰ Ξ · ‰ · · · Ξ · ∢ ∢ · · · ‰ ‰ ∢ ∢ · · · · Ξ · · ∢ · ∢ · Ξ · · ♉ ∢ ☆ Ω ⌐ ♪ ▲ ⋈ ✕ ¶ · ·
∞ ¥ · ♉ ∗ ¢ ℧ ◘ @ ✕ · · ∢ Ξ · · ∢ Ξ ‰ · ‰ · · · · · ∢ Ξ · ‰ · ‰ Ξ ∢ · · Ξ · ∢ Ξ · · · ∢ · Ξ ‰ ‰ · ‰ ⌐ ♪ ⋈ ▲ ‰ · ∢ ☆ ‰ ¢ ∞ ℧
